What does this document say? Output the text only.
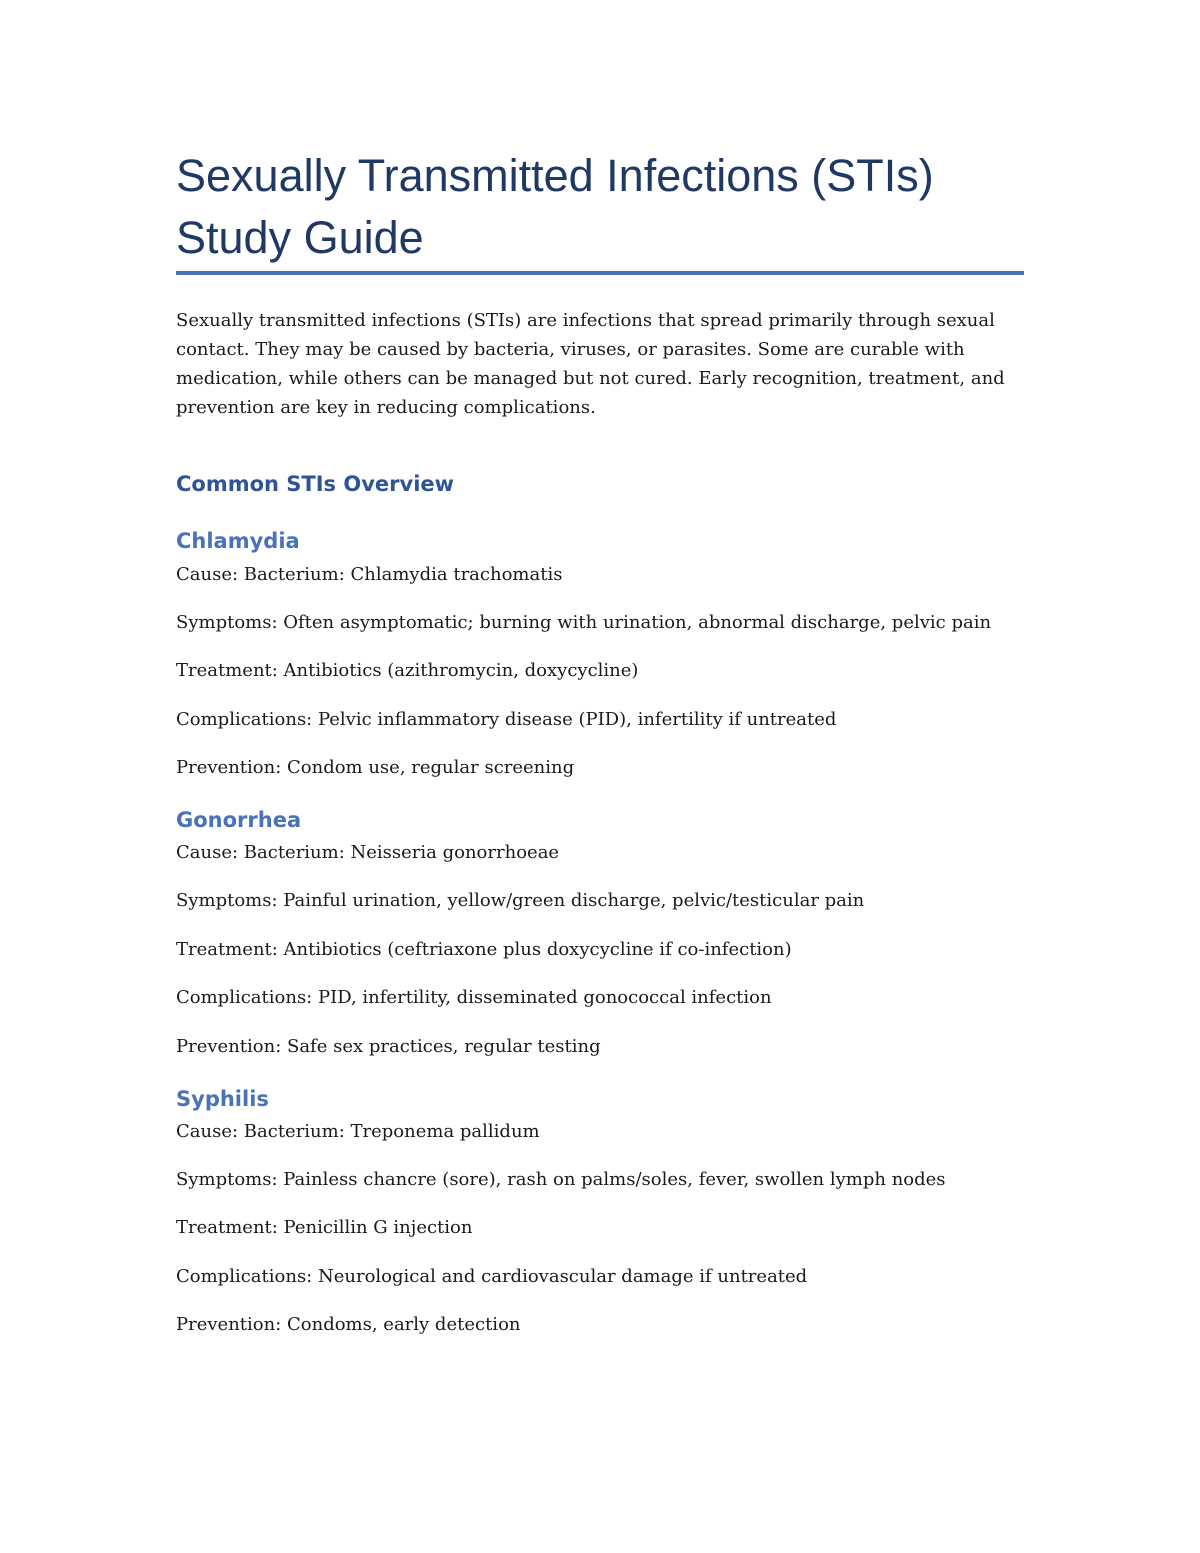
Sexually Transmitted Infections (STIs)
Study Guide

Sexually transmitted infections (STIs) are infections that spread primarily through sexual
contact. They may be caused by bacteria, viruses, or parasites. Some are curable with
medication, while others can be managed but not cured. Early recognition, treatment, and
prevention are key in reducing complications.

Common STIs Overview
Chlamydia

Cause: Bacterium: Chlamydia trachomatis

Symptoms: Often asymptomatic; burning with urination, abnormal discharge, pelvic pain

Treatment: Antibiotics (azithromycin, doxycycline)

Complications: Pelvic inflammatory disease (PID), infertility if untreated

Prevention: Condom use, regular screening

Gonorrhea

Cause: Bacterium: Neisseria gonorrhoeae

Symptoms: Painful urination, yellow/green discharge, pelvic/testicular pain

Treatment: Antibiotics (ceftriaxone plus doxycycline if co-infection)

Complications: PID, infertility, disseminated gonococcal infection

Prevention: Safe sex practices, regular testing

Syphilis

Cause: Bacterium: Treponema pallidum

Symptoms: Painless chancre (sore), rash on palms/soles, fever, swollen lymph nodes

Treatment: Penicillin G injection

Complications: Neurological and cardiovascular damage if untreated

Prevention: Condoms, early detection
